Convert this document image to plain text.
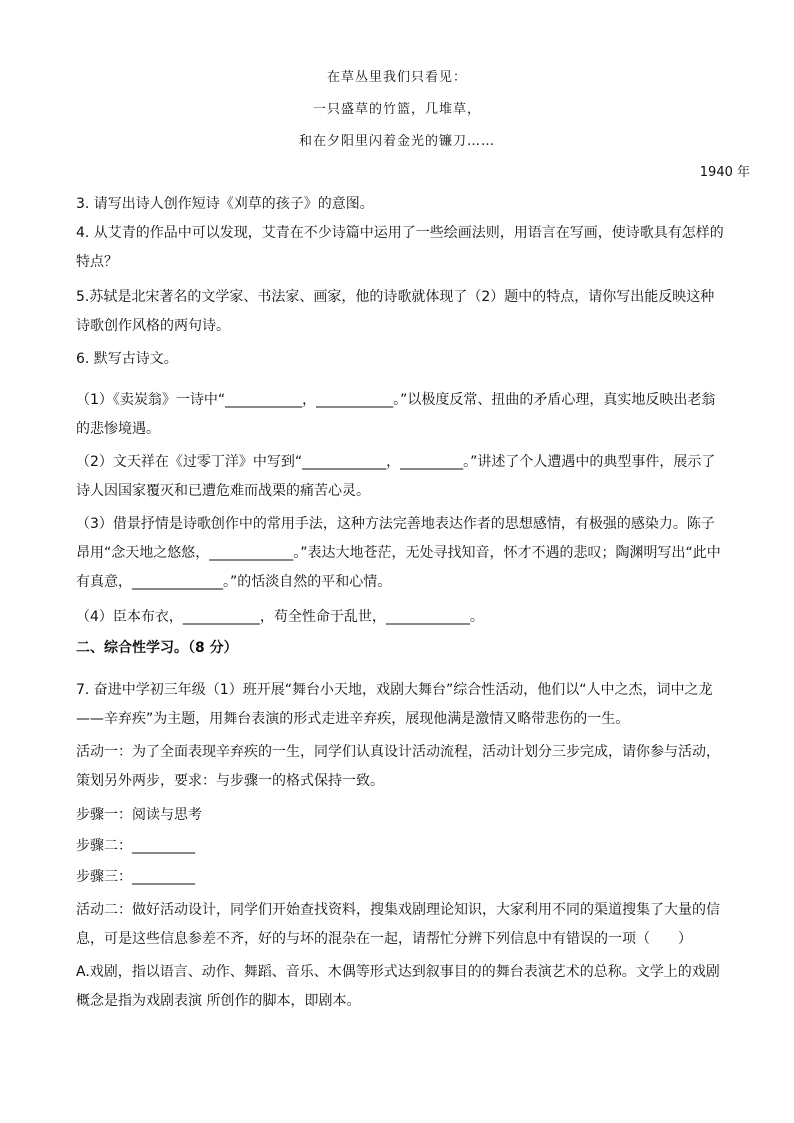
在草丛里我们只看见：
一只盛草的竹篮，几堆草，
和在夕阳里闪着金光的镰刀……
1940 年

3. 请写出诗人创作短诗《刈草的孩子》的意图。

4. 从艾青的作品中可以发现，艾青在不少诗篇中运用了一些绘画法则，用语言在写画，使诗歌具有怎样的特点？

5.苏轼是北宋著名的文学家、书法家、画家，他的诗歌就体现了（2）题中的特点，请你写出能反映这种诗歌创作风格的两句诗。

6. 默写古诗文。

（1）《卖炭翁》一诗中“___________，___________。”以极度反常、扭曲的矛盾心理，真实地反映出老翁的悲惨境遇。

（2）文天祥在《过零丁洋》中写到“____________，_________。”讲述了个人遭遇中的典型事件，展示了诗人因国家覆灭和已遭危难而战栗的痛苦心灵。

（3）借景抒情是诗歌创作中的常用手法，这种方法完善地表达作者的思想感情，有极强的感染力。陈子昂用“念天地之悠悠，____________。”表达大地苍茫，无处寻找知音，怀才不遇的悲叹；陶渊明写出“此中有真意，_____________。”的恬淡自然的平和心情。

（4）臣本布衣，___________，苟全性命于乱世，____________。

二、综合性学习。（8 分）

7. 奋进中学初三年级（1）班开展“舞台小天地，戏剧大舞台”综合性活动，他们以“人中之杰，词中之龙——辛弃疾”为主题，用舞台表演的形式走进辛弃疾，展现他满是激情又略带悲伤的一生。

活动一：为了全面表现辛弃疾的一生，同学们认真设计活动流程，活动计划分三步完成，请你参与活动，策划另外两步，要求：与步骤一的格式保持一致。

步骤一：阅读与思考

步骤二：_________

步骤三：_________

活动二：做好活动设计，同学们开始查找资料，搜集戏剧理论知识，大家利用不同的渠道搜集了大量的信息，可是这些信息参差不齐，好的与坏的混杂在一起，请帮忙分辨下列信息中有错误的一项（　　）

A.戏剧，指以语言、动作、舞蹈、音乐、木偶等形式达到叙事目的的舞台表演艺术的总称。文学上的戏剧概念是指为戏剧表演 所创作的脚本，即剧本。
